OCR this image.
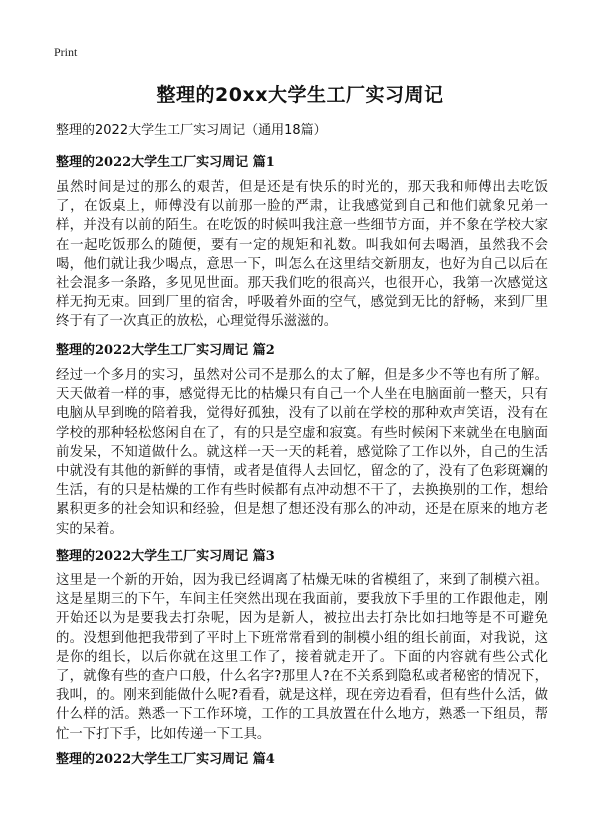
Print
整理的20xx大学生工厂实习周记
整理的2022大学生工厂实习周记（通用18篇）
整理的2022大学生工厂实习周记 篇1

虽然时间是过的那么的艰苦，但是还是有快乐的时光的，那天我和师傅出去吃饭了，在饭桌上，师傅没有以前那一脸的严肃，让我感觉到自己和他们就象兄弟一样，并没有以前的陌生。在吃饭的时候叫我注意一些细节方面，并不象在学校大家在一起吃饭那么的随便，要有一定的规矩和礼数。叫我如何去喝酒，虽然我不会喝，他们就让我少喝点，意思一下，叫怎么在这里结交新朋友，也好为自己以后在社会混多一条路，多见见世面。那天我们吃的很高兴，也很开心，我第一次感觉这样无拘无束。回到厂里的宿舍，呼吸着外面的空气，感觉到无比的舒畅，来到厂里终于有了一次真正的放松，心理觉得乐滋滋的。

整理的2022大学生工厂实习周记 篇2

经过一个多月的实习，虽然对公司不是那么的太了解，但是多少不等也有所了解。天天做着一样的事，感觉得无比的枯燥只有自己一个人坐在电脑面前一整天，只有电脑从早到晚的陪着我，觉得好孤独，没有了以前在学校的那种欢声笑语，没有在学校的那种轻松悠闲自在了，有的只是空虚和寂寞。有些时候闲下来就坐在电脑面前发呆，不知道做什么。就这样一天一天的耗着，感觉除了工作以外，自己的生活中就没有其他的新鲜的事情，或者是值得人去回忆，留念的了，没有了色彩斑斓的生活，有的只是枯燥的工作有些时候都有点冲动想不干了，去换换别的工作，想给累积更多的社会知识和经验，但是想了想还没有那么的冲动，还是在原来的地方老实的呆着。

整理的2022大学生工厂实习周记 篇3

这里是一个新的开始，因为我已经调离了枯燥无味的省模组了，来到了制模六祖。这是星期三的下午，车间主任突然出现在我面前，要我放下手里的工作跟他走，刚开始还以为是要我去打杂呢，因为是新人，被拉出去打杂比如扫地等是不可避免的。没想到他把我带到了平时上下班常常看到的制模小组的组长前面，对我说，这是你的组长，以后你就在这里工作了，接着就走开了。下面的内容就有些公式化了，就像有些的查户口般，什么名字?那里人?在不关系到隐私或者秘密的情况下，我叫，的。刚来到能做什么呢?看看，就是这样，现在旁边看看，但有些什么活，做什么样的活。熟悉一下工作环境，工作的工具放置在什么地方，熟悉一下组员，帮忙一下打下手，比如传递一下工具。

整理的2022大学生工厂实习周记 篇4
